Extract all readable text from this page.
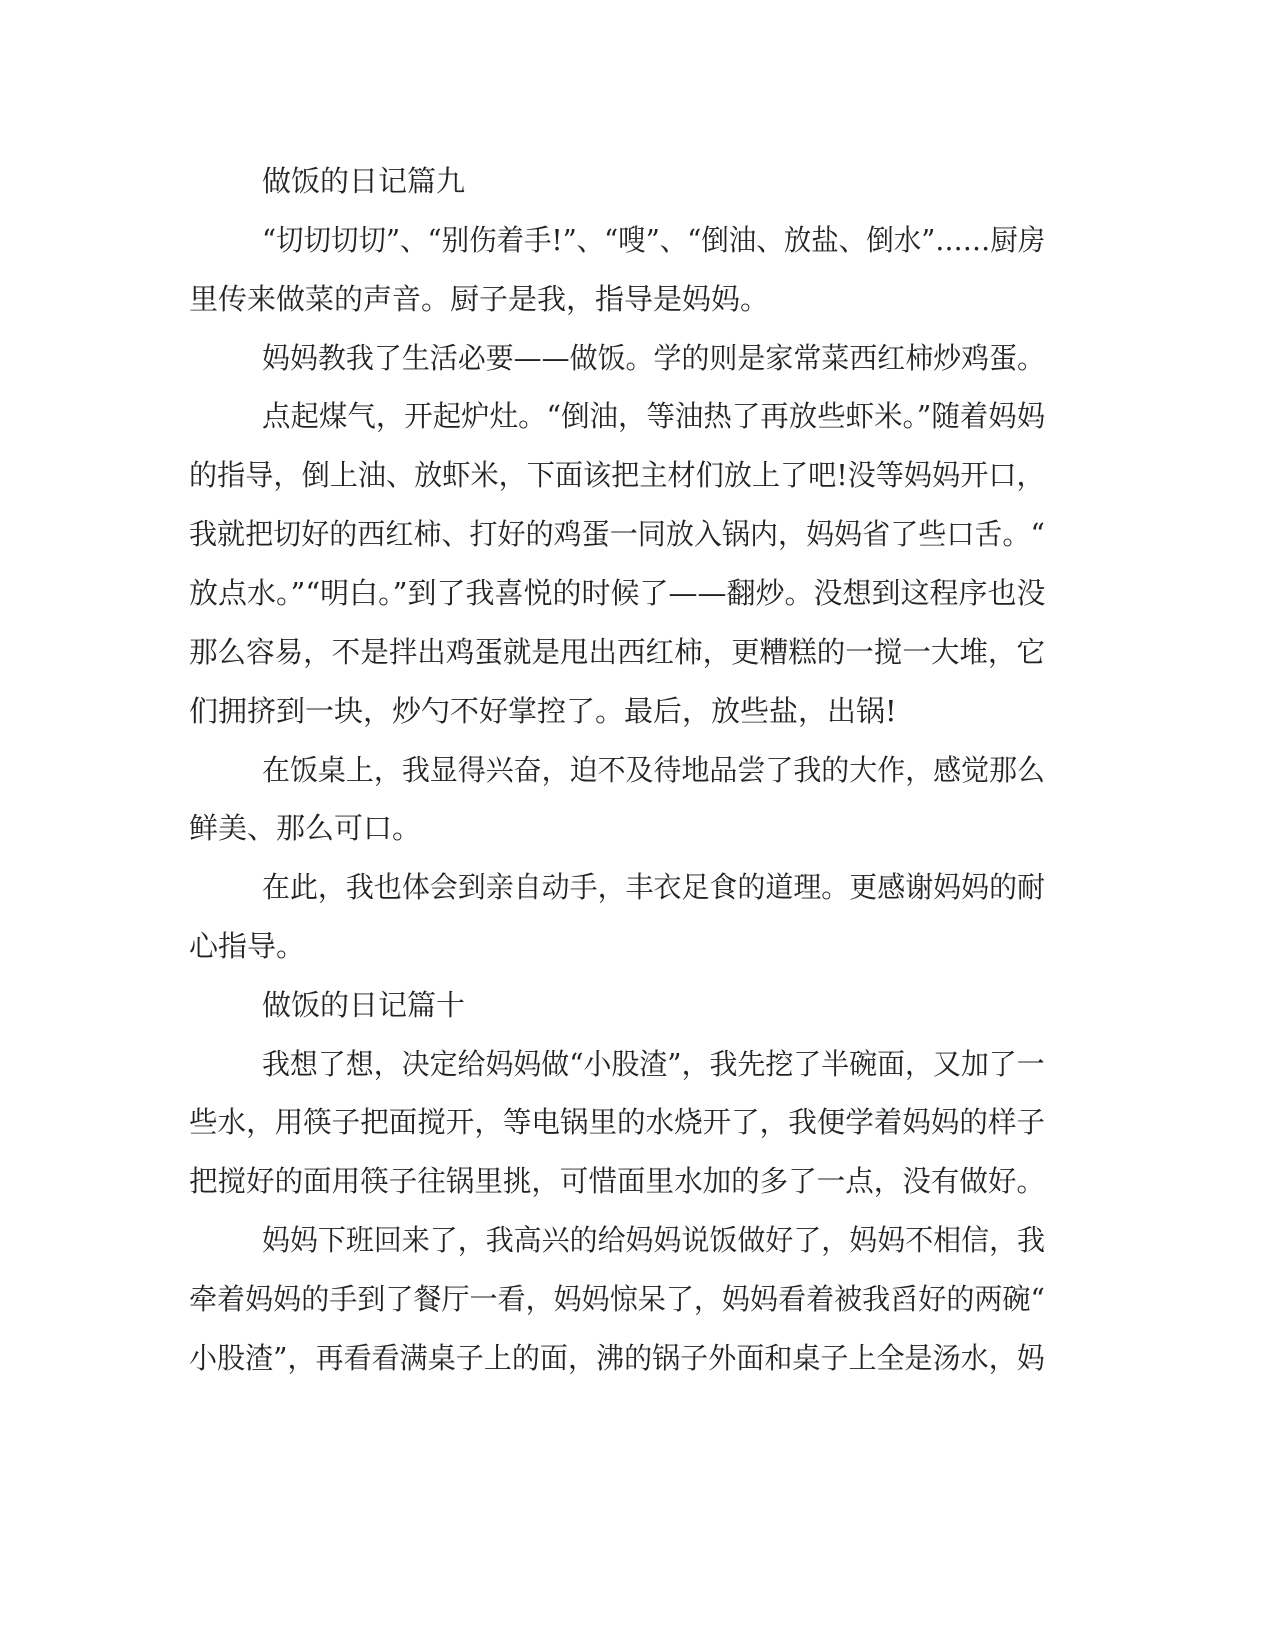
做饭的日记篇九
“切切切切”、“别伤着手!”、“嗖”、“倒油、放盐、倒水”……厨房
里传来做菜的声音。厨子是我，指导是妈妈。
妈妈教我了生活必要——做饭。学的则是家常菜西红柿炒鸡蛋。
点起煤气，开起炉灶。“倒油，等油热了再放些虾米。”随着妈妈
的指导，倒上油、放虾米，下面该把主材们放上了吧!没等妈妈开口，
我就把切好的西红柿、打好的鸡蛋一同放入锅内，妈妈省了些口舌。“
放点水。”“明白。”到了我喜悦的时候了——翻炒。没想到这程序也没
那么容易，不是拌出鸡蛋就是甩出西红柿，更糟糕的一搅一大堆，它
们拥挤到一块，炒勺不好掌控了。最后，放些盐，出锅!
在饭桌上，我显得兴奋，迫不及待地品尝了我的大作，感觉那么
鲜美、那么可口。
在此，我也体会到亲自动手，丰衣足食的道理。更感谢妈妈的耐
心指导。
做饭的日记篇十
我想了想，决定给妈妈做“小股渣”，我先挖了半碗面，又加了一
些水，用筷子把面搅开，等电锅里的水烧开了，我便学着妈妈的样子
把搅好的面用筷子往锅里挑，可惜面里水加的多了一点，没有做好。
妈妈下班回来了，我高兴的给妈妈说饭做好了，妈妈不相信，我
牵着妈妈的手到了餐厅一看，妈妈惊呆了，妈妈看着被我舀好的两碗“
小股渣”，再看看满桌子上的面，沸的锅子外面和桌子上全是汤水，妈
